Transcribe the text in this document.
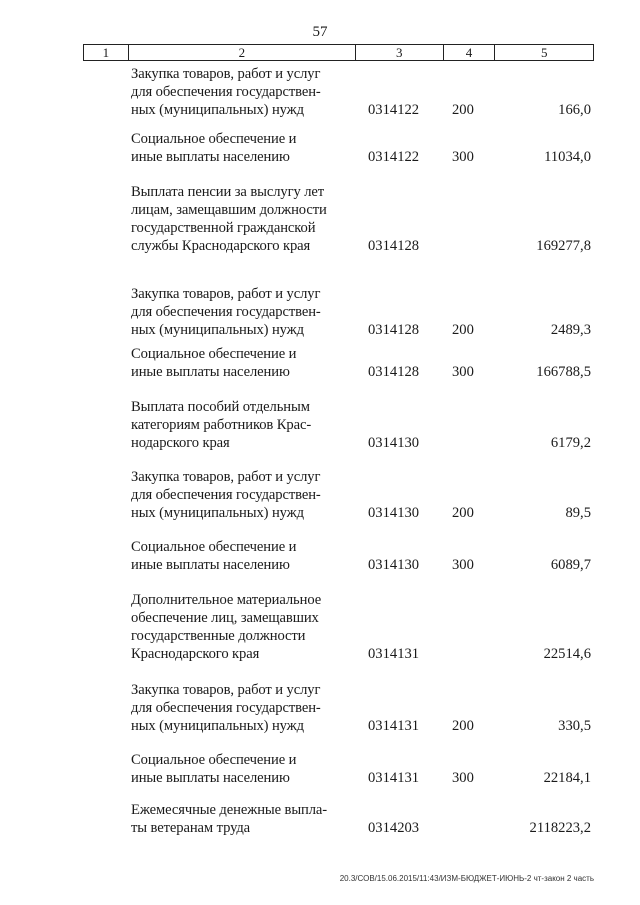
57
1	2	3	4	5
Закупка товаров, работ и услуг
для обеспечения государствен-
ных (муниципальных) нужд	0314122 200	166,0
Социальное обеспечение и
иные выплаты населению	0314122 300	11034,0
Выплата пенсии за выслугу лет
лицам, замещавшим должности
государственной гражданской
службы Краснодарского края	0314128	169277,8
Закупка товаров, работ и услуг
для обеспечения государствен-
ных (муниципальных) нужд	0314128 200	2489,3
Социальное обеспечение и
иные выплаты населению	0314128 300	166788,5
Выплата пособий отдельным
категориям работников Крас-
нодарского края	0314130	6179,2
Закупка товаров, работ и услуг
для обеспечения государствен-
ных (муниципальных) нужд	0314130 200	89,5
Социальное обеспечение и
иные выплаты населению	0314130 300	6089,7
Дополнительное материальное
обеспечение лиц, замещавших
государственные должности
Краснодарского края	0314131	22514,6
Закупка товаров, работ и услуг
для обеспечения государствен-
ных (муниципальных) нужд	0314131 200	330,5
Социальное обеспечение и
иные выплаты населению	0314131 300	22184,1
Ежемесячные денежные выпла-
ты ветеранам труда	0314203	2118223,2
20.3/СОВ/15.06.2015/11:43/ИЗМ-БЮДЖЕТ-ИЮНЬ-2 чт-закон 2 часть
